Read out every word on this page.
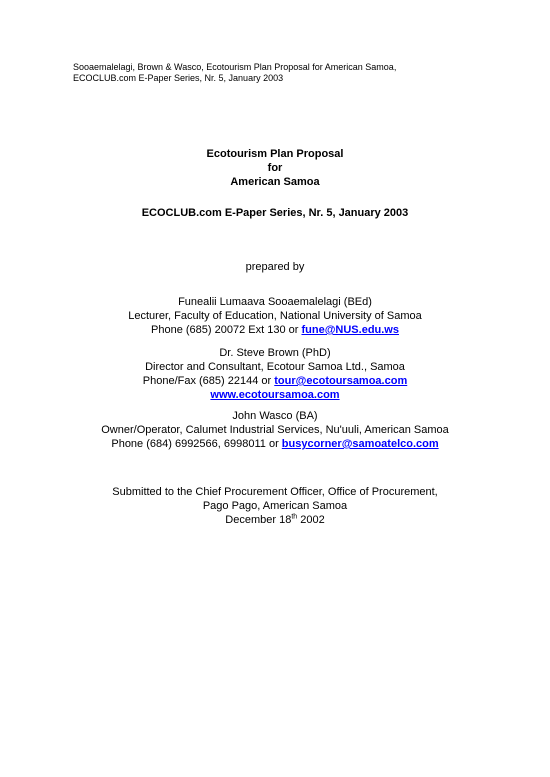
Sooaemalelagi, Brown & Wasco, Ecotourism Plan Proposal for American Samoa,
ECOCLUB.com E-Paper Series, Nr. 5, January 2003
Ecotourism Plan Proposal
for
American Samoa
ECOCLUB.com E-Paper Series, Nr. 5, January 2003
prepared by
Funealii Lumaava Sooaemalelagi (BEd)
Lecturer, Faculty of Education, National University of Samoa
Phone (685) 20072 Ext 130 or fune@NUS.edu.ws
Dr. Steve Brown (PhD)
Director and Consultant, Ecotour Samoa Ltd., Samoa
Phone/Fax (685) 22144 or tour@ecotoursamoa.com
www.ecotoursamoa.com
John Wasco (BA)
Owner/Operator, Calumet Industrial Services, Nu'uuli, American Samoa
Phone (684) 6992566, 6998011 or busycorner@samoatelco.com
Submitted to the Chief Procurement Officer, Office of Procurement,
Pago Pago, American Samoa
December 18th 2002
